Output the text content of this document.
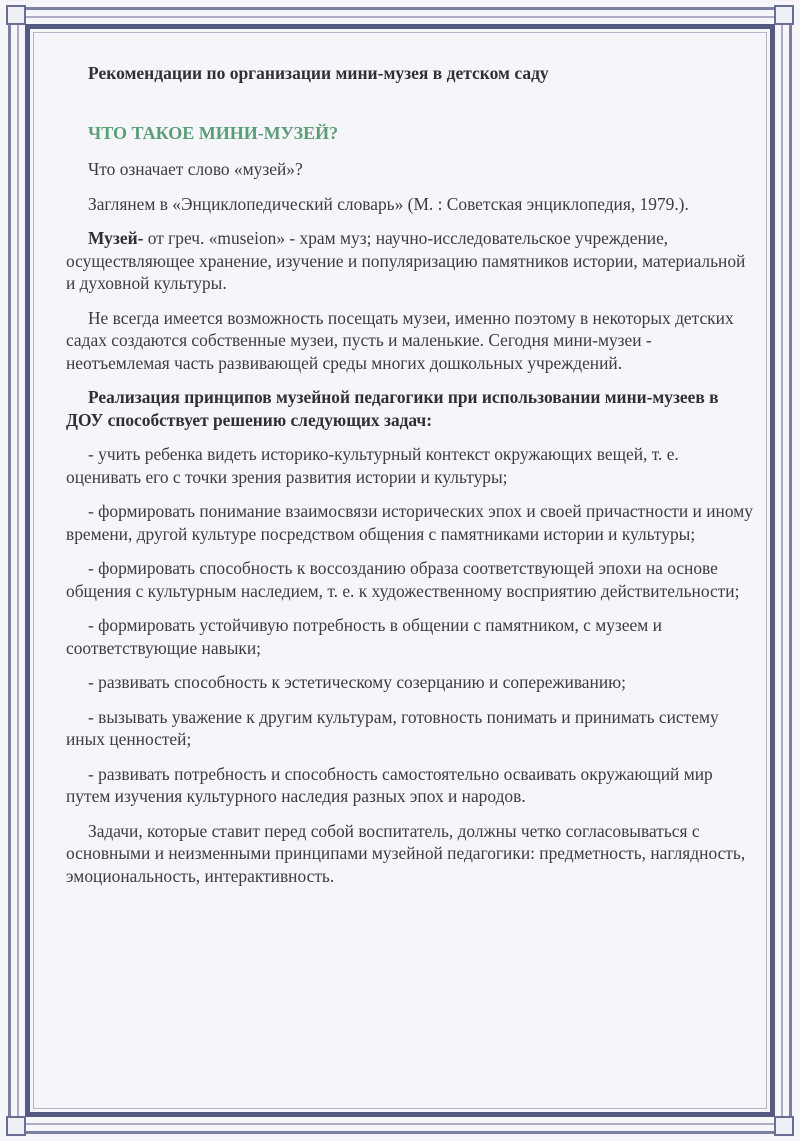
Рекомендации по организации мини-музея в детском саду
ЧТО ТАКОЕ МИНИ-МУЗЕЙ?

Что означает слово «музей»?

Заглянем в «Энциклопедический словарь» (М. : Советская энциклопедия, 1979.).

Музей- от греч. «museion» - храм муз; научно-исследовательское учреждение, осуществляющее хранение, изучение и популяризацию памятников истории, материальной и духовной культуры.

Не всегда имеется возможность посещать музеи, именно поэтому в некоторых детских садах создаются собственные музеи, пусть и маленькие. Сегодня мини-музеи - неотъемлемая часть развивающей среды многих дошкольных учреждений.

Реализация принципов музейной педагогики при использовании мини-музеев в ДОУ способствует решению следующих задач:

- учить ребенка видеть историко-культурный контекст окружающих вещей, т. е. оценивать его с точки зрения развития истории и культуры;

- формировать понимание взаимосвязи исторических эпох и своей причастности и иному времени, другой культуре посредством общения с памятниками истории и культуры;

- формировать способность к воссозданию образа соответствующей эпохи на основе общения с культурным наследием, т. е. к художественному восприятию действительности;

- формировать устойчивую потребность в общении с памятником, с музеем и соответствующие навыки;

- развивать способность к эстетическому созерцанию и сопереживанию;

- вызывать уважение к другим культурам, готовность понимать и принимать систему иных ценностей;

- развивать потребность и способность самостоятельно осваивать окружающий мир путем изучения культурного наследия разных эпох и народов.

Задачи, которые ставит перед собой воспитатель, должны четко согласовываться с основными и неизменными принципами музейной педагогики: предметность, наглядность, эмоциональность, интерактивность.
